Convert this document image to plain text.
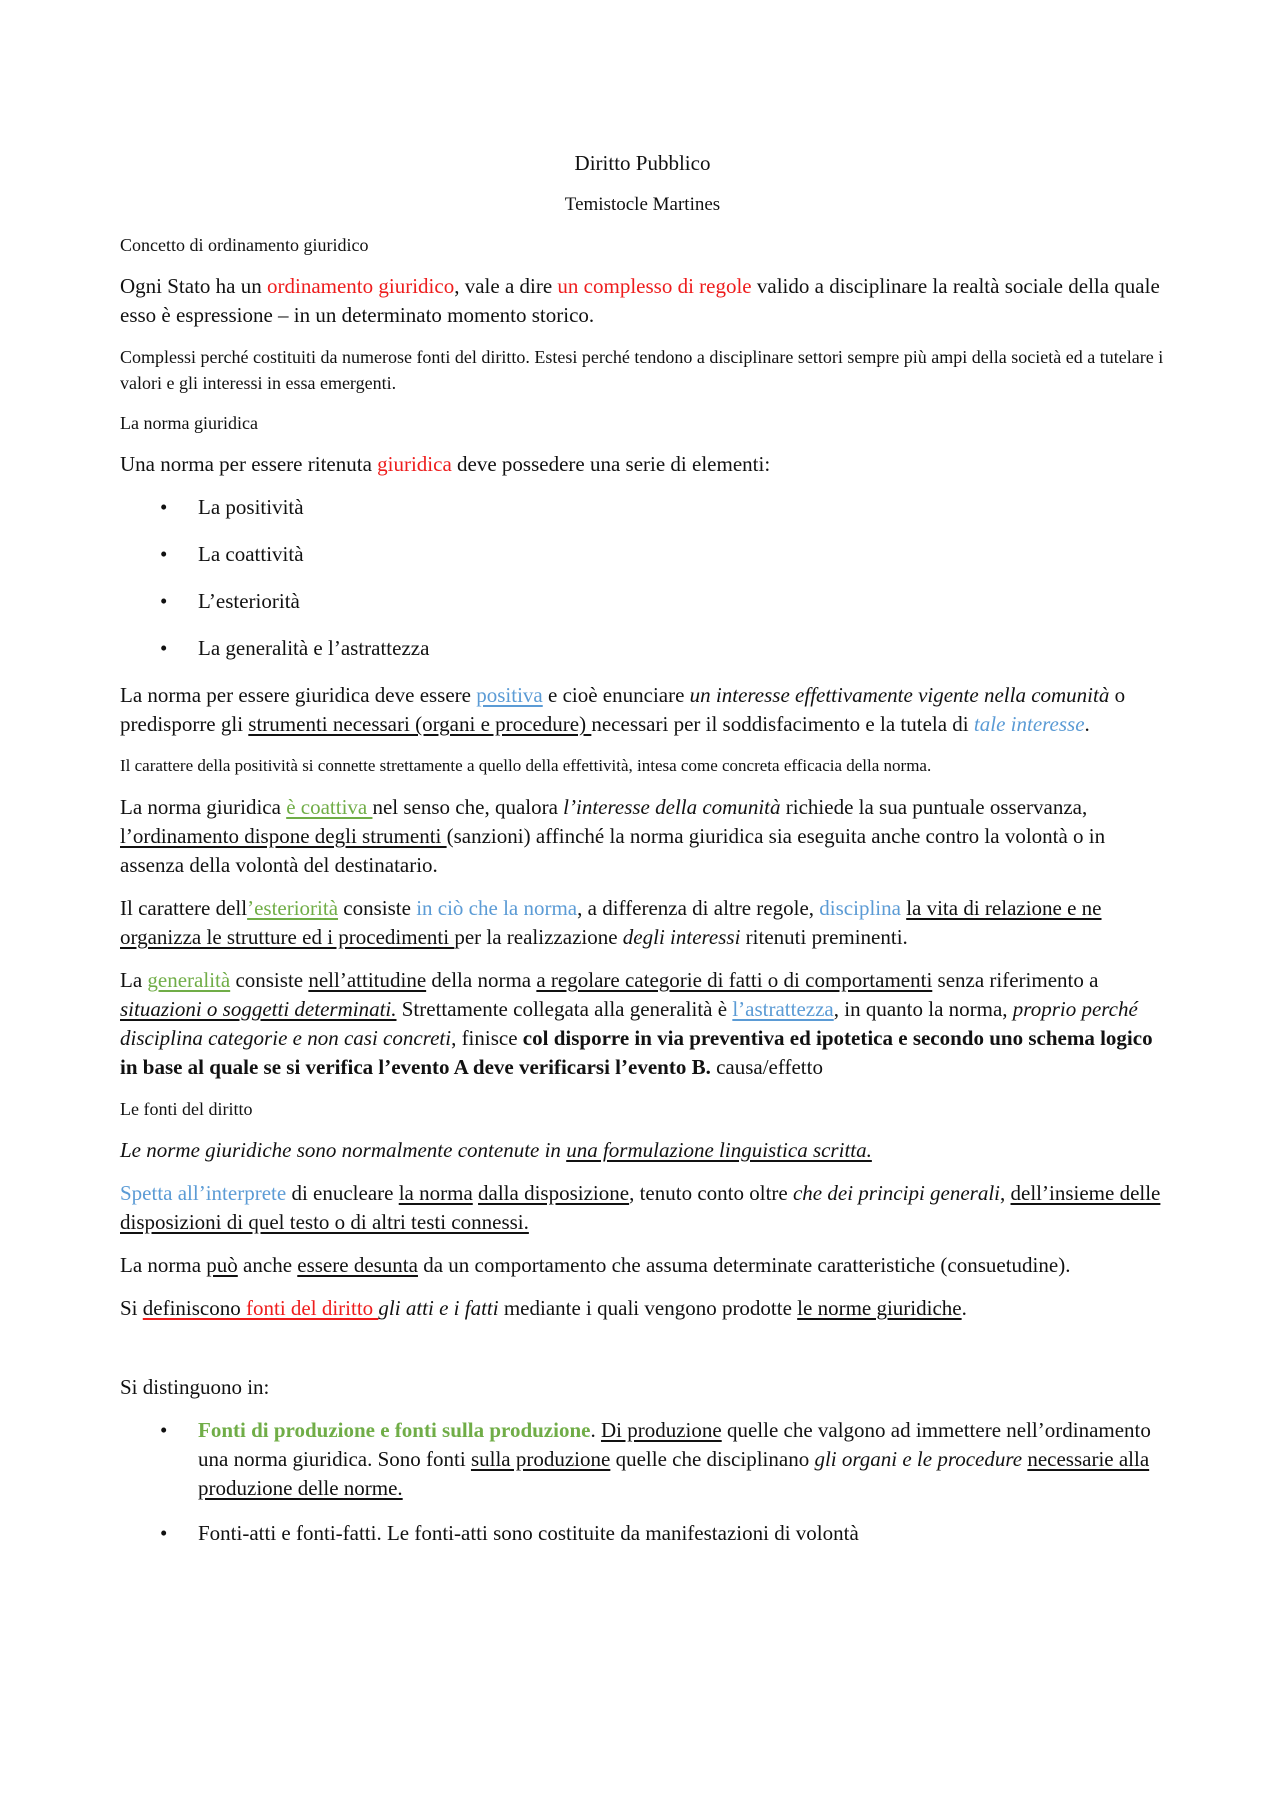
Diritto Pubblico
Temistocle Martines
Concetto di ordinamento giuridico

Ogni Stato ha un ordinamento giuridico, vale a dire un complesso di regole valido a disciplinare la realtà sociale della quale esso è espressione – in un determinato momento storico.

Complessi perché costituiti da numerose fonti del diritto. Estesi perché tendono a disciplinare settori sempre più ampi della società ed a tutelare i valori e gli interessi in essa emergenti.

La norma giuridica

Una norma per essere ritenuta giuridica deve possedere una serie di elementi:

• La positività
• La coattività
• L’esteriorità
• La generalità e l’astrattezza

La norma per essere giuridica deve essere positiva e cioè enunciare un interesse effettivamente vigente nella comunità o predisporre gli strumenti necessari (organi e procedure) necessari per il soddisfacimento e la tutela di tale interesse.

Il carattere della positività si connette strettamente a quello della effettività, intesa come concreta efficacia della norma.

La norma giuridica è coattiva nel senso che, qualora l’interesse della comunità richiede la sua puntuale osservanza, l’ordinamento dispone degli strumenti (sanzioni) affinché la norma giuridica sia eseguita anche contro la volontà o in assenza della volontà del destinatario.

Il carattere dell’esteriorità consiste in ciò che la norma, a differenza di altre regole, disciplina la vita di relazione e ne organizza le strutture ed i procedimenti per la realizzazione degli interessi ritenuti preminenti.

La generalità consiste nell’attitudine della norma a regolare categorie di fatti o di comportamenti senza riferimento a situazioni o soggetti determinati. Strettamente collegata alla generalità è l’astrattezza, in quanto la norma, proprio perché disciplina categorie e non casi concreti, finisce col disporre in via preventiva ed ipotetica e secondo uno schema logico in base al quale se si verifica l’evento A deve verificarsi l’evento B. causa/effetto

Le fonti del diritto

Le norme giuridiche sono normalmente contenute in una formulazione linguistica scritta.

Spetta all’interprete di enucleare la norma dalla disposizione, tenuto conto oltre che dei principi generali, dell’insieme delle disposizioni di quel testo o di altri testi connessi.

La norma può anche essere desunta da un comportamento che assuma determinate caratteristiche (consuetudine).

Si definiscono fonti del diritto gli atti e i fatti mediante i quali vengono prodotte le norme giuridiche.

Si distinguono in:

• Fonti di produzione e fonti sulla produzione. Di produzione quelle che valgono ad immettere nell’ordinamento una norma giuridica. Sono fonti sulla produzione quelle che disciplinano gli organi e le procedure necessarie alla produzione delle norme.
• Fonti-atti e fonti-fatti. Le fonti-atti sono costituite da manifestazioni di volontà
